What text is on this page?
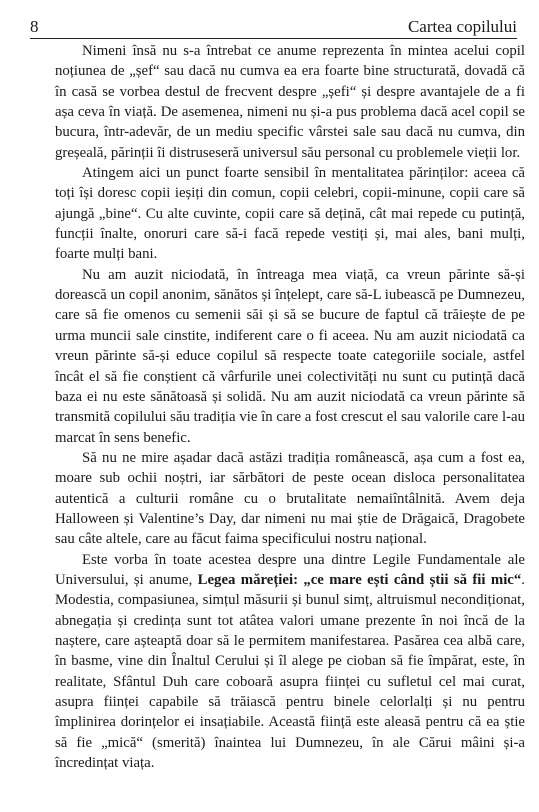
8	Cartea copilului

Nimeni însă nu s-a întrebat ce anume reprezenta în mintea acelui copil noțiunea de „șef“ sau dacă nu cumva ea era foarte bine structurată, dovadă că în casă se vorbea destul de frecvent despre „șefi“ și despre avantajele de a fi așa ceva în viață. De asemenea, nimeni nu și-a pus problema dacă acel copil se bucura, într-adevăr, de un mediu specific vârstei sale sau dacă nu cumva, din greșeală, părinții îi distruseseră universul său personal cu problemele vieții lor.

Atingem aici un punct foarte sensibil în mentalitatea părinților: aceea că toți își doresc copii ieșiți din comun, copii celebri, copii-minune, copii care să ajungă „bine“. Cu alte cuvinte, copii care să dețină, cât mai repede cu putință, funcții înalte, onoruri care să-i facă repede vestiți și, mai ales, bani mulți, foarte mulți bani.

Nu am auzit niciodată, în întreaga mea viață, ca vreun părinte să-și dorească un copil anonim, sănătos și înțelept, care să-L iubească pe Dumnezeu, care să fie omenos cu semenii săi și să se bucure de faptul că trăiește de pe urma muncii sale cinstite, indiferent care o fi aceea. Nu am auzit niciodată ca vreun părinte să-și educe copilul să respecte toate categoriile sociale, astfel încât el să fie conștient că vârfurile unei colectivități nu sunt cu putință dacă baza ei nu este sănătoasă și solidă. Nu am auzit niciodată ca vreun părinte să transmită copilului său tradiția vie în care a fost crescut el sau valorile care l-au marcat în sens benefic.

Să nu ne mire așadar dacă astăzi tradiția românească, așa cum a fost ea, moare sub ochii noștri, iar sărbători de peste ocean disloca personalitatea autentică a culturii române cu o brutalitate nemaiîntâlnită. Avem deja Halloween și Valentine’s Day, dar nimeni nu mai știe de Drăgaică, Dragobete sau câte altele, care au făcut faima specificului nostru național.

Este vorba în toate acestea despre una dintre Legile Fundamentale ale Universului, și anume, Legea măreției: „ce mare ești când știi să fii mic“. Modestia, compasiunea, simțul măsurii și bunul simț, altruismul necondiționat, abnegația și credința sunt tot atâtea valori umane prezente în noi încă de la naștere, care așteaptă doar să le permitem manifestarea. Pasărea cea albă care, în basme, vine din Înaltul Cerului și îl alege pe cioban să fie împărat, este, în realitate, Sfântul Duh care coboară asupra ființei cu sufletul cel mai curat, asupra ființei capabile să trăiască pentru binele celorlalți și nu pentru împlinirea dorințelor ei insațiabile. Această ființă este aleasă pentru că ea știe să fie „mică“ (smerită) înaintea lui Dumnezeu, în ale Cărui mâini și-a încredințat viața.
